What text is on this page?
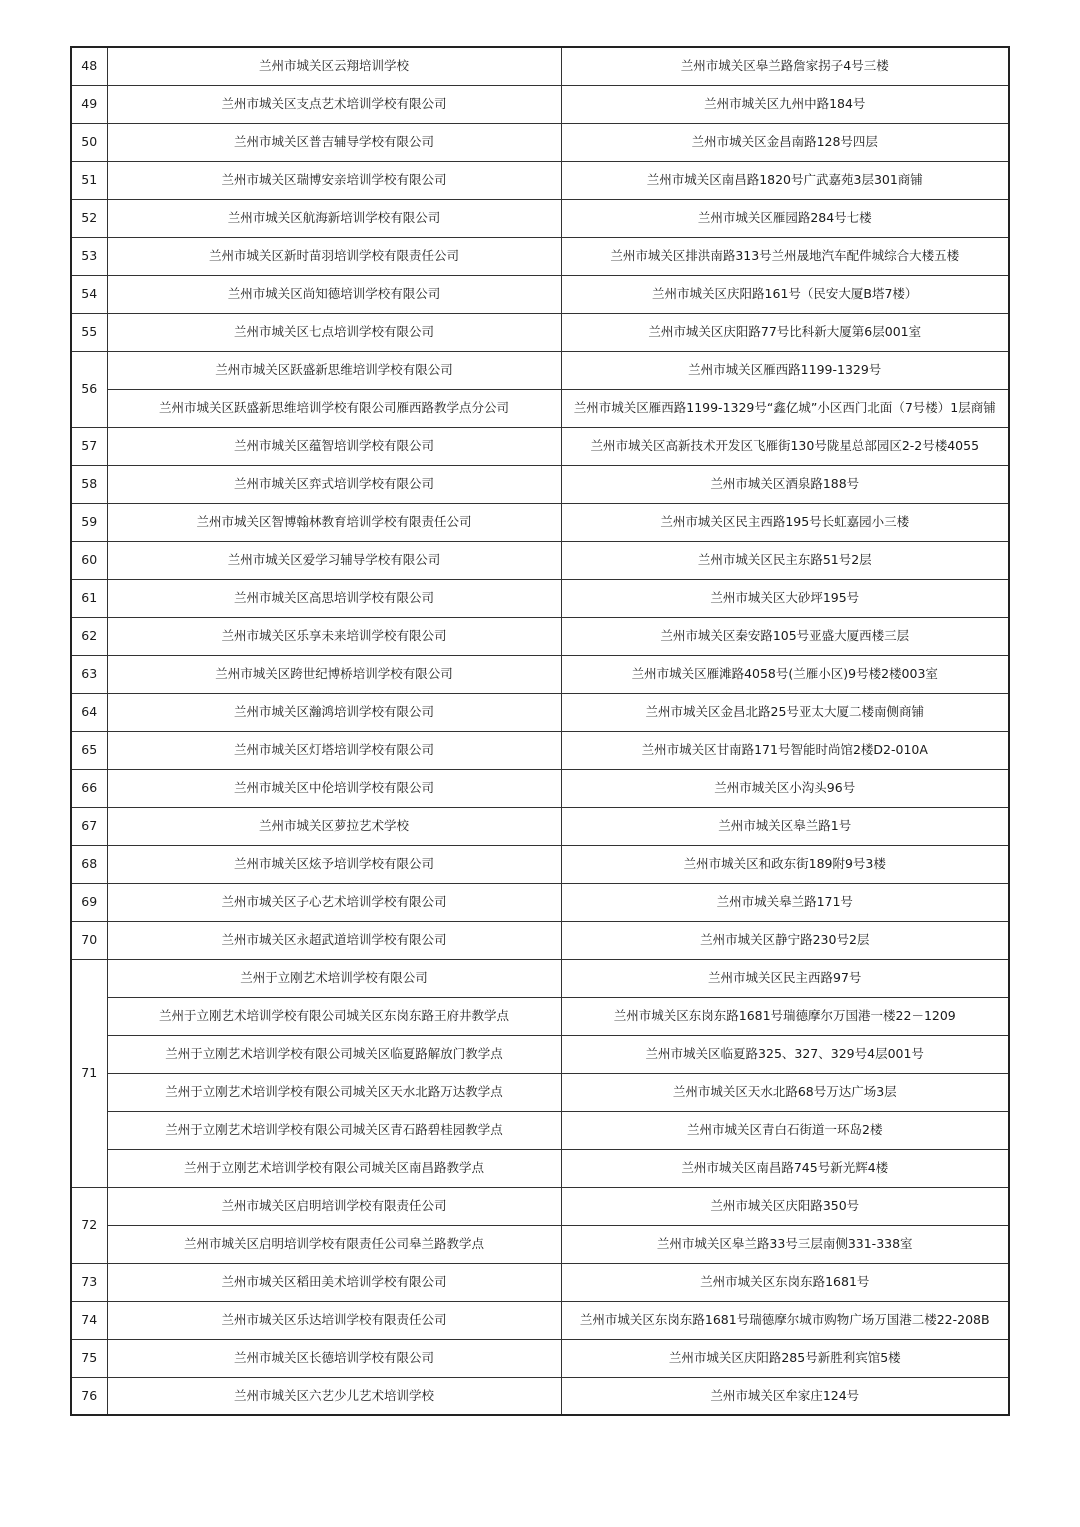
48	兰州市城关区云翔培训学校	兰州市城关区皋兰路詹家拐子4号三楼
49	兰州市城关区支点艺术培训学校有限公司	兰州市城关区九州中路184号
50	兰州市城关区普吉辅导学校有限公司	兰州市城关区金昌南路128号四层
51	兰州市城关区瑞博安亲培训学校有限公司	兰州市城关区南昌路1820号广武嘉苑3层301商铺
52	兰州市城关区航海新培训学校有限公司	兰州市城关区雁园路284号七楼
53	兰州市城关区新时苗羽培训学校有限责任公司	兰州市城关区排洪南路313号兰州晟地汽车配件城综合大楼五楼
54	兰州市城关区尚知德培训学校有限公司	兰州市城关区庆阳路161号（民安大厦B塔7楼）
55	兰州市城关区七点培训学校有限公司	兰州市城关区庆阳路77号比科新大厦第6层001室
56	兰州市城关区跃盛新思维培训学校有限公司	兰州市城关区雁西路1199-1329号
	兰州市城关区跃盛新思维培训学校有限公司雁西路教学点分公司	兰州市城关区雁西路1199-1329号“鑫亿城”小区西门北面（7号楼）1层商铺
57	兰州市城关区蕴智培训学校有限公司	兰州市城关区高新技术开发区飞雁街130号陇星总部园区2-2号楼4055
58	兰州市城关区弈式培训学校有限公司	兰州市城关区酒泉路188号
59	兰州市城关区智博翰林教育培训学校有限责任公司	兰州市城关区民主西路195号长虹嘉园小三楼
60	兰州市城关区爱学习辅导学校有限公司	兰州市城关区民主东路51号2层
61	兰州市城关区高思培训学校有限公司	兰州市城关区大砂坪195号
62	兰州市城关区乐享未来培训学校有限公司	兰州市城关区秦安路105号亚盛大厦西楼三层
63	兰州市城关区跨世纪博桥培训学校有限公司	兰州市城关区雁滩路4058号(兰雁小区)9号楼2楼003室
64	兰州市城关区瀚鸿培训学校有限公司	兰州市城关区金昌北路25号亚太大厦二楼南侧商铺
65	兰州市城关区灯塔培训学校有限公司	兰州市城关区甘南路171号智能时尚馆2楼D2-010A
66	兰州市城关区中伦培训学校有限公司	兰州市城关区小沟头96号
67	兰州市城关区萝拉艺术学校	兰州市城关区皋兰路1号
68	兰州市城关区炫予培训学校有限公司	兰州市城关区和政东街189附9号3楼
69	兰州市城关区子心艺术培训学校有限公司	兰州市城关皋兰路171号
70	兰州市城关区永超武道培训学校有限公司	兰州市城关区静宁路230号2层
71	兰州于立刚艺术培训学校有限公司	兰州市城关区民主西路97号
	兰州于立刚艺术培训学校有限公司城关区东岗东路王府井教学点	兰州市城关区东岗东路1681号瑞德摩尔万国港一楼22－1209
	兰州于立刚艺术培训学校有限公司城关区临夏路解放门教学点	兰州市城关区临夏路325、327、329号4层001号
	兰州于立刚艺术培训学校有限公司城关区天水北路万达教学点	兰州市城关区天水北路68号万达广场3层
	兰州于立刚艺术培训学校有限公司城关区青石路碧桂园教学点	兰州市城关区青白石街道一环岛2楼
	兰州于立刚艺术培训学校有限公司城关区南昌路教学点	兰州市城关区南昌路745号新光辉4楼
72	兰州市城关区启明培训学校有限责任公司	兰州市城关区庆阳路350号
	兰州市城关区启明培训学校有限责任公司皋兰路教学点	兰州市城关区皋兰路33号三层南侧331-338室
73	兰州市城关区稻田美术培训学校有限公司	兰州市城关区东岗东路1681号
74	兰州市城关区乐达培训学校有限责任公司	兰州市城关区东岗东路1681号瑞德摩尔城市购物广场万国港二楼22-208B
75	兰州市城关区长德培训学校有限公司	兰州市城关区庆阳路285号新胜利宾馆5楼
76	兰州市城关区六艺少儿艺术培训学校	兰州市城关区牟家庄124号
